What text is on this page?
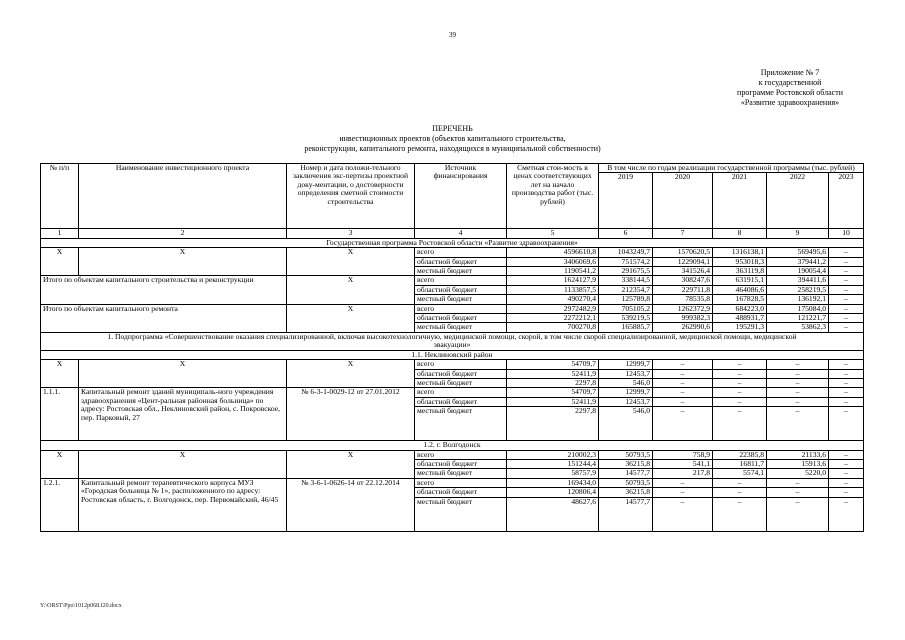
39
Приложение № 7
к государственной
программе Ростовской области
«Развитие здравоохранения»
ПЕРЕЧЕНЬ
инвестиционных проектов (объектов капитального строительства,
реконструкции, капитального ремонта, находящихся в муниципальной собственности)
№ п/п	Наименование инвестиционного проекта	Номер и дата положи-тельного заключения экс-пертизы проектной доку-ментации, о достоверности определения сметной стоимости строительства	Источник финансирования	Сметная стои-мость в ценах соответствующих лет на начало производства работ (тыс. рублей)	В том числе по годам реализации государственной программы (тыс. рублей)				
					2019	2020	2021	2022	2023
1	2	3	4	5	6	7	8	9	10
Государственная программа Ростовской области «Развитие здравоохранения»									
Х	Х	Х	всего	4596610,8	1043249,7	1570620,5	1316138,1	569495,6	–
			областной бюджет	3406069,6	751574,2	1229094,1	953018,3	379441,2	–
			местный бюджет	1190541,2	291675,5	341526,4	363119,8	190054,4	–
Итого по объектам капитального строительства и реконструкции		Х	всего	1624127,9	338144,5	308247,6	631915,1	394411,6	–
			областной бюджет	1133857,5	212354,7	229711,8	464086,6	258219,5	–
			местный бюджет	490270,4	125789,8	78535,8	167828,5	136192,1	–
Итого по объектам капитального ремонта		Х	всего	2972482,9	705105,2	1262372,9	684223,0	175084,0	–
			областной бюджет	2272212,1	539219,5	999382,3	488931,7	121221,7	–
			местный бюджет	700270,8	165885,7	262990,6	195291,3	53862,3	–
1. Подпрограмма «Совершенствование оказания специализированной, включая высокотехнологичную, медицинской помощи, скорой, в том числе скорой специализированной, медицинской помощи, медицинской эвакуации»									
1.1. Неклиновский район									
Х	Х	Х	всего	54709,7	12999,7	–	–	–	–
			областной бюджет	52411,9	12453,7	–	–	–	–
			местный бюджет	2297,8	546,0	–	–	–	–
1.1.1.	Капитальный ремонт зданий муниципаль-ного учреждения здравоохранения «Цент-ральная районная больница» по адресу: Ростовская обл., Неклиновский район, с. Покровское, пер. Парковый, 27	№ 6-3-1-0029-12 от 27.01.2012	всего	54709,7	12999,7	–	–	–	–
			областной бюджет	52411,9	12453,7	–	–	–	–
			местный бюджет	2297,8	546,0	–	–	–	–
1.2. г. Волгодонск									
Х	Х	Х	всего	210002,3	50793,5	758,9	22385,8	21133,6	–
			областной бюджет	151244,4	36215,8	541,1	16811,7	15913,6	–
			местный бюджет	58757,9	14577,7	217,8	5574,1	5220,0	–
1.2.1.	Капитальный ремонт терапевтического корпуса МУЗ «Городская больница № 1», расположенного по адресу: Ростовская область, г. Волгодонск, пер. Первомайский, 46/45	№ 3-6-1-0626-14 от 22.12.2014	всего	169434,0	50793,5	–	–	–	–
			областной бюджет	120806,4	36215,8	–	–	–	–
			местный бюджет	48627,6	14577,7	–	–	–	–
Y:\ORST\Ppo\1012p068.f20.docx
